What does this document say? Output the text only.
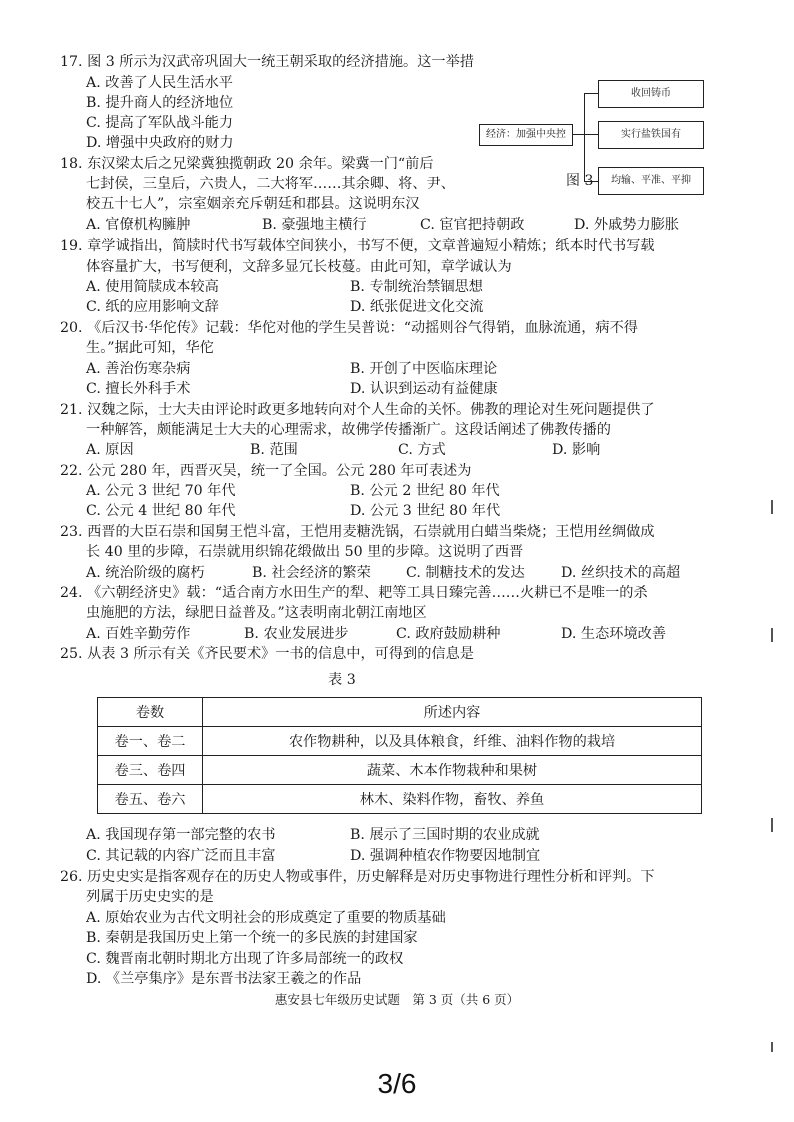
17. 图 3 所示为汉武帝巩固大一统王朝采取的经济措施。这一举措
A. 改善了人民生活水平
B. 提升商人的经济地位
C. 提高了军队战斗能力
D. 增强中央政府的财力
经济：加强中央控
收回铸币
实行盐铁国有
均输、平准、平抑
图 3
18. 东汉梁太后之兄梁冀独揽朝政 20 余年。梁冀一门“前后
七封侯，三皇后，六贵人，二大将军……其余卿、将、尹、
校五十七人”，宗室姻亲充斥朝廷和郡县。这说明东汉
A. 官僚机构臃肿	B. 豪强地主横行	C. 宦官把持朝政	D. 外戚势力膨胀
19. 章学诚指出，简牍时代书写载体空间狭小，书写不便，文章普遍短小精炼；纸本时代书写载
体容量扩大，书写便利，文辞多显冗长枝蔓。由此可知，章学诚认为
A. 使用简牍成本较高	B. 专制统治禁锢思想
C. 纸的应用影响文辞	D. 纸张促进文化交流
20. 《后汉书·华佗传》记载：华佗对他的学生吴普说：“动摇则谷气得销，血脉流通，病不得
生。”据此可知，华佗
A. 善治伤寒杂病	B. 开创了中医临床理论
C. 擅长外科手术	D. 认识到运动有益健康
21. 汉魏之际，士大夫由评论时政更多地转向对个人生命的关怀。佛教的理论对生死问题提供了
一种解答，颇能满足士大夫的心理需求，故佛学传播渐广。这段话阐述了佛教传播的
A. 原因	B. 范围	C. 方式	D. 影响
22. 公元 280 年，西晋灭吴，统一了全国。公元 280 年可表述为
A. 公元 3 世纪 70 年代	B. 公元 2 世纪 80 年代
C. 公元 4 世纪 80 年代	D. 公元 3 世纪 80 年代
23. 西晋的大臣石崇和国舅王恺斗富，王恺用麦糖洗锅，石崇就用白蜡当柴烧；王恺用丝绸做成
长 40 里的步障，石崇就用织锦花缎做出 50 里的步障。这说明了西晋
A. 统治阶级的腐朽	B. 社会经济的繁荣 C. 制糖技术的发达	D. 丝织技术的高超
24. 《六朝经济史》载：“适合南方水田生产的犁、耙等工具日臻完善……火耕已不是唯一的杀
虫施肥的方法，绿肥日益普及。”这表明南北朝江南地区
A. 百姓辛勤劳作	B. 农业发展进步	C. 政府鼓励耕种	D. 生态环境改善
25. 从表 3 所示有关《齐民要术》一书的信息中，可得到的信息是
表 3
卷数	所述内容
卷一、卷二	农作物耕种，以及具体粮食，纤维、油料作物的栽培
卷三、卷四	蔬菜、木本作物栽种和果树
卷五、卷六	林木、染料作物，畜牧、养鱼
A. 我国现存第一部完整的农书	B. 展示了三国时期的农业成就
C. 其记载的内容广泛而且丰富	D. 强调种植农作物要因地制宜
26. 历史史实是指客观存在的历史人物或事件，历史解释是对历史事物进行理性分析和评判。下
列属于历史史实的是
A. 原始农业为古代文明社会的形成奠定了重要的物质基础
B. 秦朝是我国历史上第一个统一的多民族的封建国家
C. 魏晋南北朝时期北方出现了许多局部统一的政权
D. 《兰亭集序》是东晋书法家王羲之的作品
惠安县七年级历史试题　第 3 页（共 6 页）
3/6
